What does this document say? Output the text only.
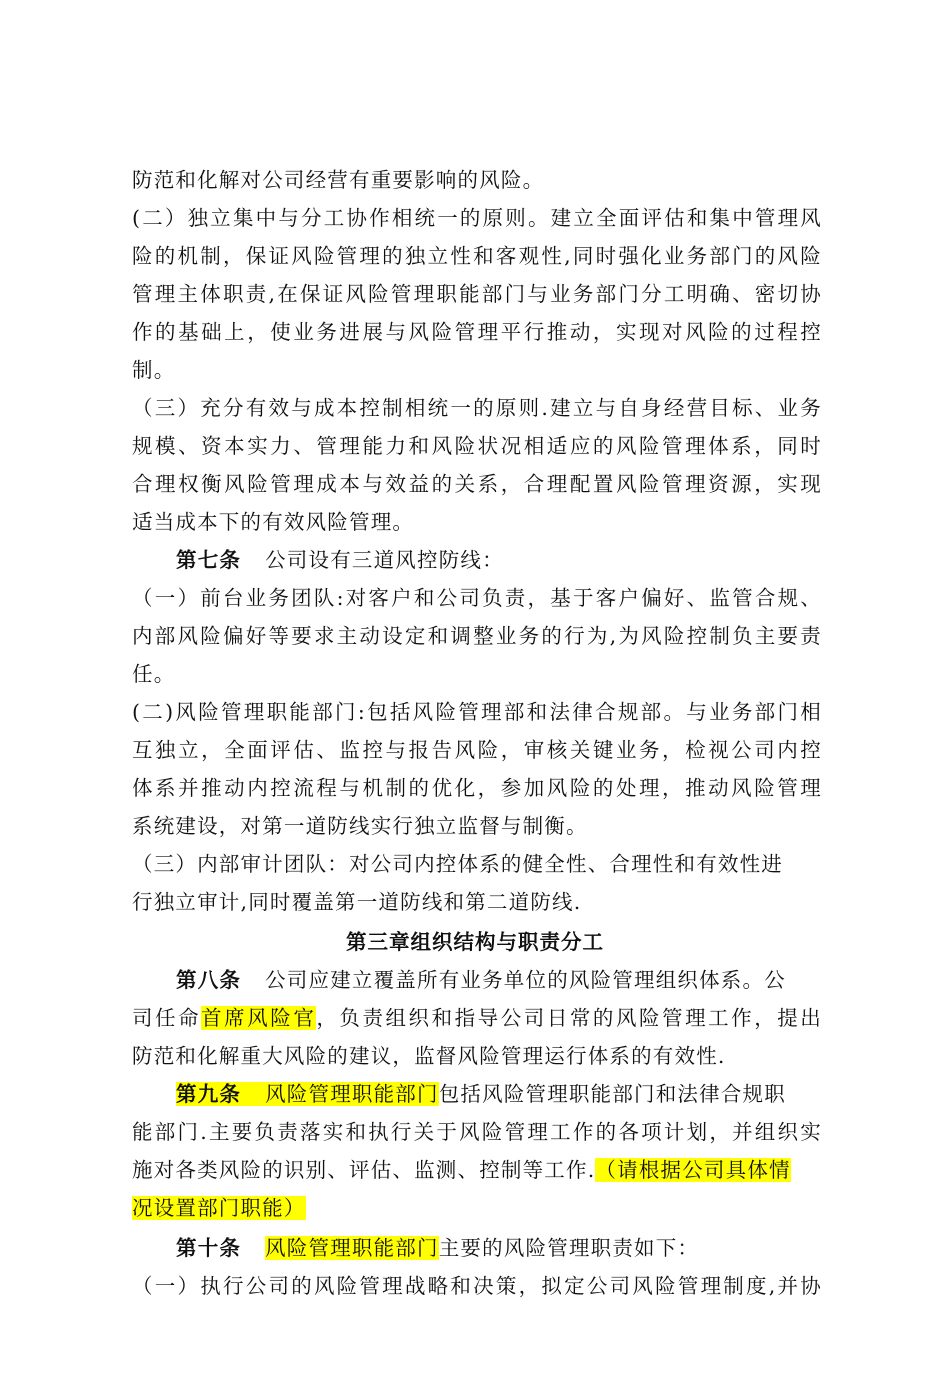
防范和化解对公司经营有重要影响的风险。
(二）独立集中与分工协作相统一的原则。建立全面评估和集中管理风
险的机制，保证风险管理的独立性和客观性,同时强化业务部门的风险
管理主体职责,在保证风险管理职能部门与业务部门分工明确、密切协
作的基础上，使业务进展与风险管理平行推动，实现对风险的过程控
制。
（三）充分有效与成本控制相统一的原则.建立与自身经营目标、业务
规模、资本实力、管理能力和风险状况相适应的风险管理体系，同时
合理权衡风险管理成本与效益的关系，合理配置风险管理资源，实现
适当成本下的有效风险管理。
第七条 公司设有三道风控防线：
（一）前台业务团队:对客户和公司负责，基于客户偏好、监管合规、
内部风险偏好等要求主动设定和调整业务的行为,为风险控制负主要责
任。
(二)风险管理职能部门:包括风险管理部和法律合规部。与业务部门相
互独立，全面评估、监控与报告风险，审核关键业务，检视公司内控
体系并推动内控流程与机制的优化，参加风险的处理，推动风险管理
系统建设，对第一道防线实行独立监督与制衡。
（三）内部审计团队：对公司内控体系的健全性、合理性和有效性进
行独立审计,同时覆盖第一道防线和第二道防线.
第三章组织结构与职责分工
第八条 公司应建立覆盖所有业务单位的风险管理组织体系。公
司任命首席风险官，负责组织和指导公司日常的风险管理工作，提出
防范和化解重大风险的建议，监督风险管理运行体系的有效性.
第九条 风险管理职能部门包括风险管理职能部门和法律合规职
能部门.主要负责落实和执行关于风险管理工作的各项计划，并组织实
施对各类风险的识别、评估、监测、控制等工作.（请根据公司具体情
况设置部门职能）
第十条 风险管理职能部门主要的风险管理职责如下：
（一）执行公司的风险管理战略和决策，拟定公司风险管理制度,并协
